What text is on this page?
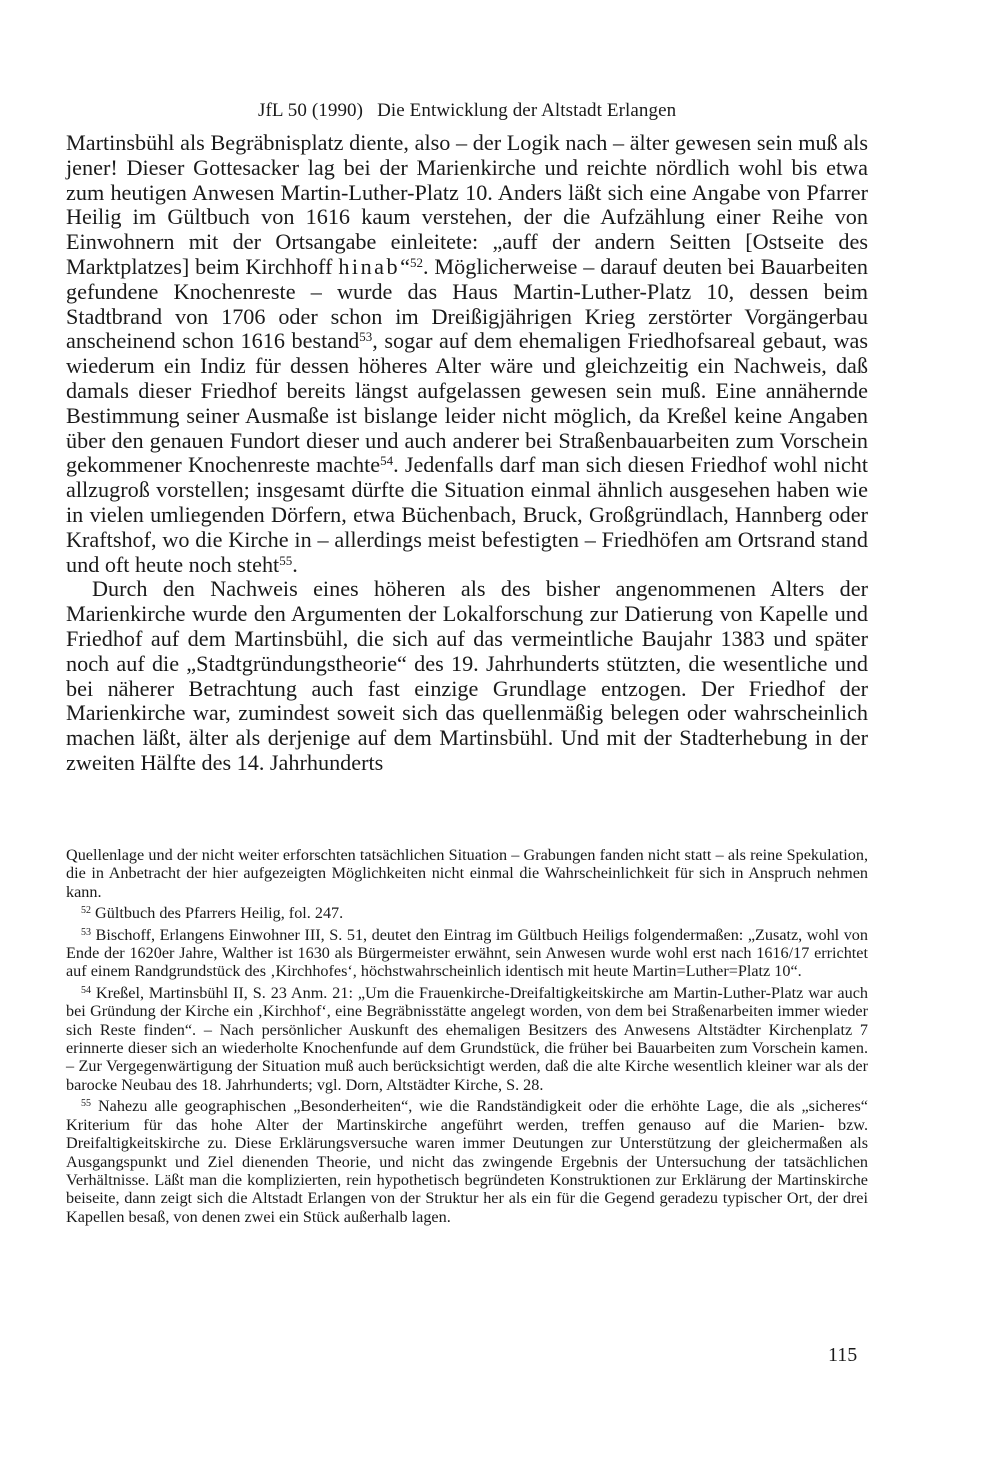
JfL 50 (1990) Die Entwicklung der Altstadt Erlangen

Martinsbühl als Begräbnisplatz diente, also – der Logik nach – älter gewesen sein muß als jener! Dieser Gottesacker lag bei der Marienkirche und reichte nördlich wohl bis etwa zum heutigen Anwesen Martin-Luther-Platz 10. Anders läßt sich eine Angabe von Pfarrer Heilig im Gültbuch von 1616 kaum verstehen, der die Aufzählung einer Reihe von Einwohnern mit der Ortsangabe einleitete: „auff der andern Seitten [Ostseite des Marktplatzes] beim Kirchhoff hinab“$^{52}$. Möglicherweise – darauf deuten bei Bauarbeiten gefundene Knochenreste – wurde das Haus Martin-Luther-Platz 10, dessen beim Stadtbrand von 1706 oder schon im Dreißigjährigen Krieg zerstörter Vorgängerbau anscheinend schon 1616 bestand$^{53}$, sogar auf dem ehemaligen Friedhofsareal gebaut, was wiederum ein Indiz für dessen höheres Alter wäre und gleichzeitig ein Nachweis, daß damals dieser Friedhof bereits längst aufgelassen gewesen sein muß. Eine annähernde Bestimmung seiner Ausmaße ist bislange leider nicht möglich, da Kreßel keine Angaben über den genauen Fundort dieser und auch anderer bei Straßenbauarbeiten zum Vorschein gekommener Knochenreste machte$^{54}$. Jedenfalls darf man sich diesen Friedhof wohl nicht allzugroß vorstellen; insgesamt dürfte die Situation einmal ähnlich ausgesehen haben wie in vielen umliegenden Dörfern, etwa Büchenbach, Bruck, Großgründlach, Hannberg oder Kraftshof, wo die Kirche in – allerdings meist befestigten – Friedhöfen am Ortsrand stand und oft heute noch steht$^{55}$.

Durch den Nachweis eines höheren als des bisher angenommenen Alters der Marienkirche wurde den Argumenten der Lokalforschung zur Datierung von Kapelle und Friedhof auf dem Martinsbühl, die sich auf das vermeintliche Baujahr 1383 und später noch auf die „Stadtgründungstheorie“ des 19. Jahrhunderts stützten, die wesentliche und bei näherer Betrachtung auch fast einzige Grundlage entzogen. Der Friedhof der Marienkirche war, zumindest soweit sich das quellenmäßig belegen oder wahrscheinlich machen läßt, älter als derjenige auf dem Martinsbühl. Und mit der Stadterhebung in der zweiten Hälfte des 14. Jahrhunderts

Quellenlage und der nicht weiter erforschten tatsächlichen Situation – Grabungen fanden nicht statt – als reine Spekulation, die in Anbetracht der hier aufgezeigten Möglichkeiten nicht einmal die Wahrscheinlichkeit für sich in Anspruch nehmen kann.

$^{52}$ Gültbuch des Pfarrers Heilig, fol. 247.

$^{53}$ Bischoff, Erlangens Einwohner III, S. 51, deutet den Eintrag im Gültbuch Heiligs folgendermaßen: „Zusatz, wohl von Ende der 1620er Jahre, Walther ist 1630 als Bürgermeister erwähnt, sein Anwesen wurde wohl erst nach 1616/17 errichtet auf einem Randgrundstück des ‚Kirchhofes‘, höchstwahrscheinlich identisch mit heute Martin=Luther=Platz 10“.

$^{54}$ Kreßel, Martinsbühl II, S. 23 Anm. 21: „Um die Frauenkirche-Dreifaltigkeitskirche am Martin-Luther-Platz war auch bei Gründung der Kirche ein ‚Kirchhof‘, eine Begräbnisstätte angelegt worden, von dem bei Straßenarbeiten immer wieder sich Reste finden“. – Nach persönlicher Auskunft des ehemaligen Besitzers des Anwesens Altstädter Kirchenplatz 7 erinnerte dieser sich an wiederholte Knochenfunde auf dem Grundstück, die früher bei Bauarbeiten zum Vorschein kamen. – Zur Vergegenwärtigung der Situation muß auch berücksichtigt werden, daß die alte Kirche wesentlich kleiner war als der barocke Neubau des 18. Jahrhunderts; vgl. Dorn, Altstädter Kirche, S. 28.

$^{55}$ Nahezu alle geographischen „Besonderheiten“, wie die Randständigkeit oder die erhöhte Lage, die als „sicheres“ Kriterium für das hohe Alter der Martinskirche angeführt werden, treffen genauso auf die Marien- bzw. Dreifaltigkeitskirche zu. Diese Erklärungsversuche waren immer Deutungen zur Unterstützung der gleichermaßen als Ausgangspunkt und Ziel dienenden Theorie, und nicht das zwingende Ergebnis der Untersuchung der tatsächlichen Verhältnisse. Läßt man die komplizierten, rein hypothetisch begründeten Konstruktionen zur Erklärung der Martinskirche beiseite, dann zeigt sich die Altstadt Erlangen von der Struktur her als ein für die Gegend geradezu typischer Ort, der drei Kapellen besaß, von denen zwei ein Stück außerhalb lagen.

115
